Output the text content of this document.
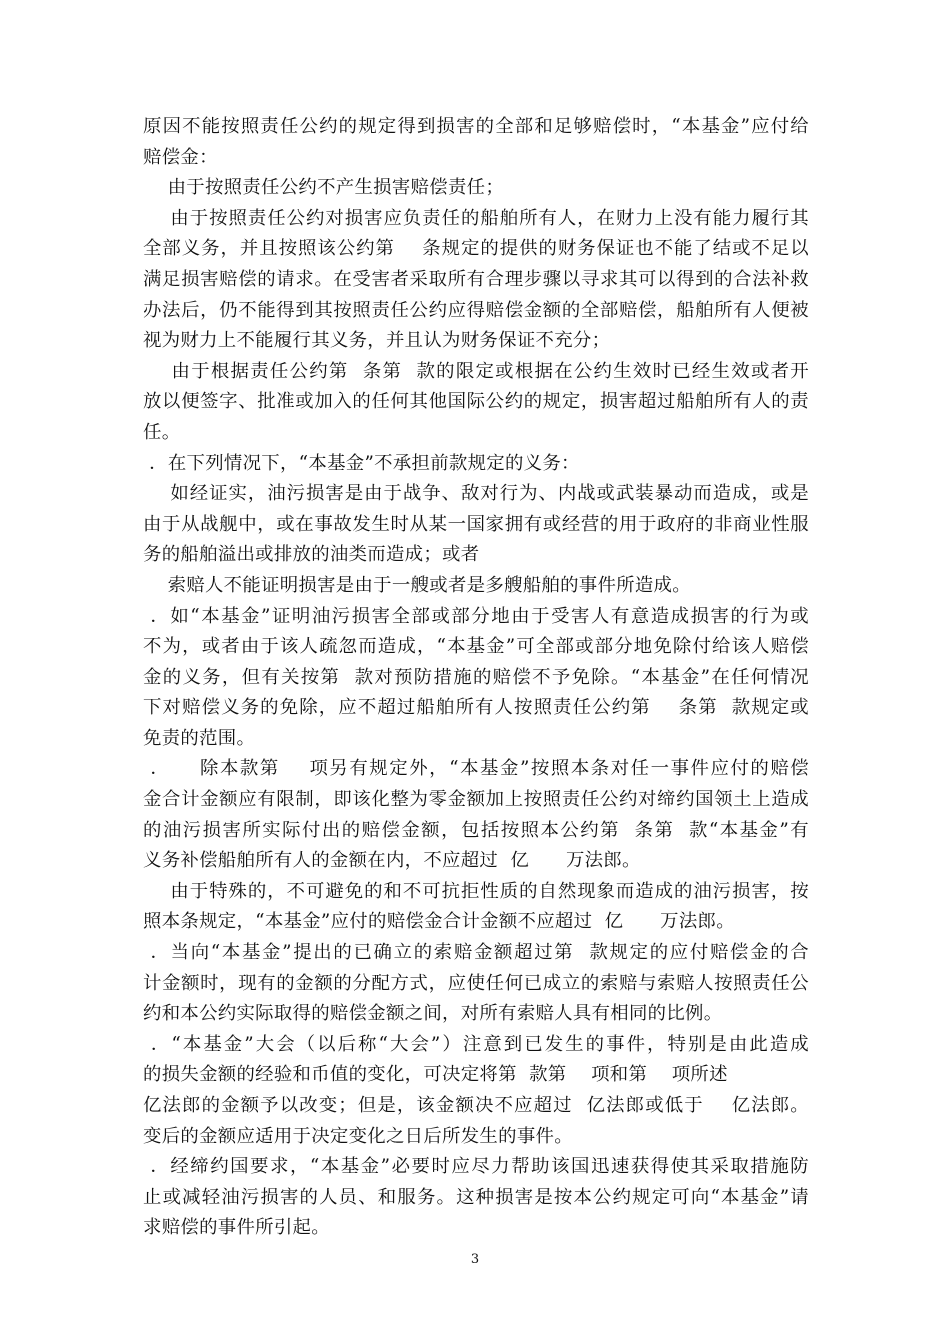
原因不能按照责任公约的规定得到损害的全部和足够赔偿时，“本基金”应付给
赔偿金：
由于按照责任公约不产生损害赔偿责任；
由于按照责任公约对损害应负责任的船舶所有人，在财力上没有能力履行其
全部义务，并且按照该公约第    条规定的提供的财务保证也不能了结或不足以
满足损害赔偿的请求。在受害者采取所有合理步骤以寻求其可以得到的合法补救
办法后，仍不能得到其按照责任公约应得赔偿金额的全部赔偿，船舶所有人便被
视为财力上不能履行其义务，并且认为财务保证不充分；
由于根据责任公约第  条第  款的限定或根据在公约生效时已经生效或者开
放以便签字、批准或加入的任何其他国际公约的规定，损害超过船舶所有人的责
任。
．在下列情况下，“本基金”不承担前款规定的义务：
如经证实，油污损害是由于战争、敌对行为、内战或武装暴动而造成，或是
由于从战舰中，或在事故发生时从某一国家拥有或经营的用于政府的非商业性服
务的船舶溢出或排放的油类而造成；或者
索赔人不能证明损害是由于一艘或者是多艘船舶的事件所造成。
．如“本基金”证明油污损害全部或部分地由于受害人有意造成损害的行为或
不为，或者由于该人疏忽而造成，“本基金”可全部或部分地免除付给该人赔偿
金的义务，但有关按第  款对预防措施的赔偿不予免除。“本基金”在任何情况
下对赔偿义务的免除，应不超过船舶所有人按照责任公约第    条第  款规定或
免责的范围。
．    除本款第    项另有规定外，“本基金”按照本条对任一事件应付的赔偿
金合计金额应有限制，即该化整为零金额加上按照责任公约对缔约国领土上造成
的油污损害所实际付出的赔偿金额，包括按照本公约第  条第  款“本基金”有
义务补偿船舶所有人的金额在内，不应超过  亿      万法郎。
由于特殊的，不可避免的和不可抗拒性质的自然现象而造成的油污损害，按
照本条规定，“本基金”应付的赔偿金合计金额不应超过  亿      万法郎。
．当向“本基金”提出的已确立的索赔金额超过第  款规定的应付赔偿金的合
计金额时，现有的金额的分配方式，应使任何已成立的索赔与索赔人按照责任公
约和本公约实际取得的赔偿金额之间，对所有索赔人具有相同的比例。
．“本基金”大会（以后称“大会”）注意到已发生的事件，特别是由此造成
的损失金额的经验和币值的变化，可决定将第  款第    项和第    项所述
亿法郎的金额予以改变；但是，该金额决不应超过  亿法郎或低于    亿法郎。
变后的金额应适用于决定变化之日后所发生的事件。
．经缔约国要求，“本基金”必要时应尽力帮助该国迅速获得使其采取措施防
止或减轻油污损害的人员、和服务。这种损害是按本公约规定可向“本基金”请
求赔偿的事件所引起。
3
